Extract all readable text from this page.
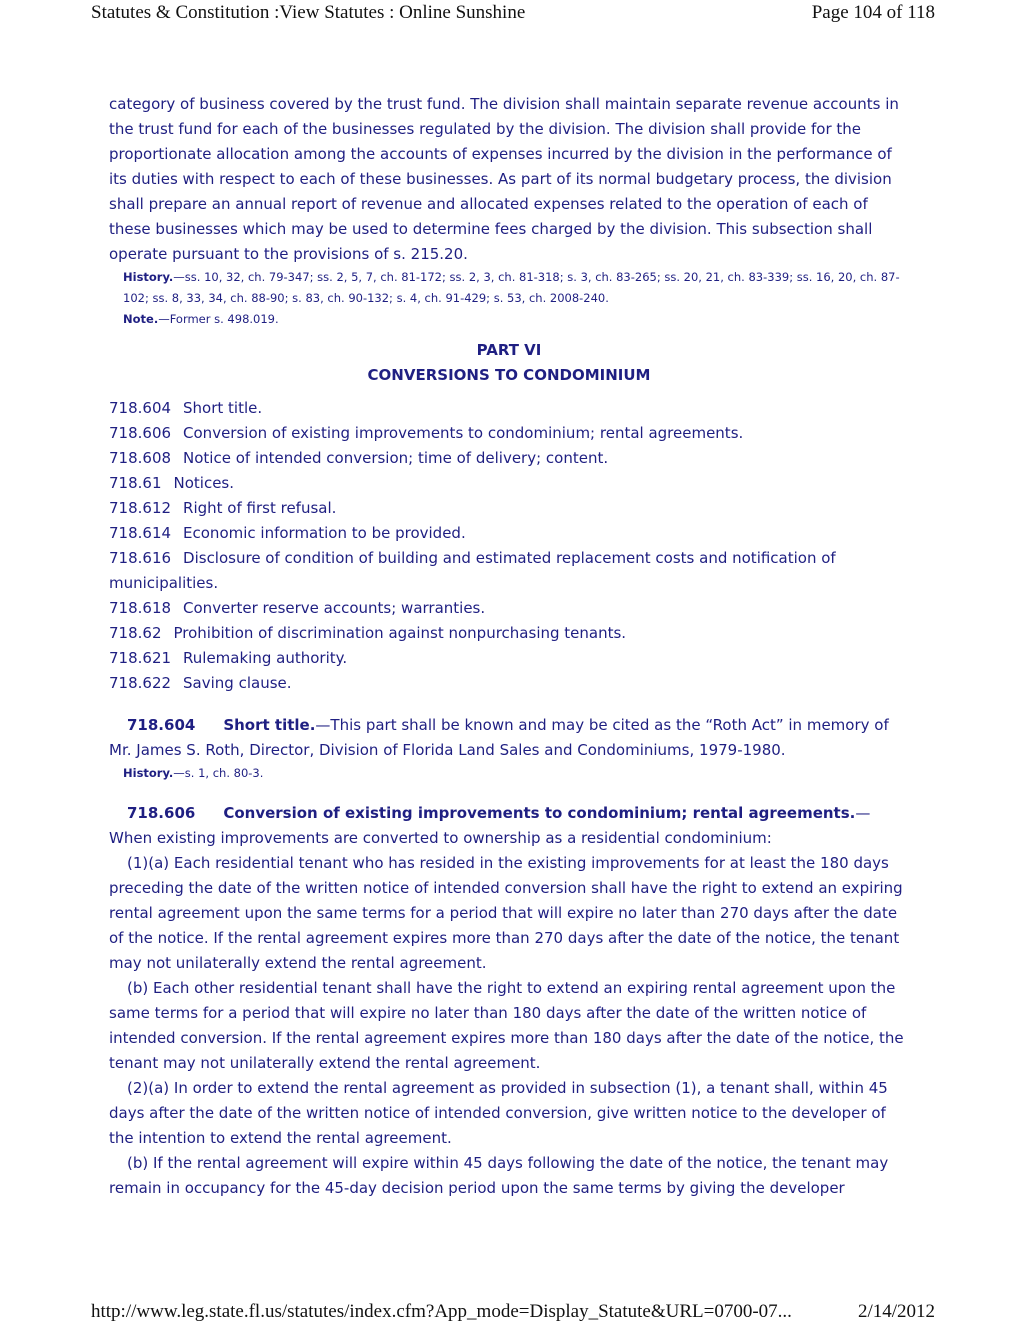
Statutes & Constitution :View Statutes : Online Sunshine	Page 104 of 118

category of business covered by the trust fund. The division shall maintain separate revenue accounts in the trust fund for each of the businesses regulated by the division. The division shall provide for the proportionate allocation among the accounts of expenses incurred by the division in the performance of its duties with respect to each of these businesses. As part of its normal budgetary process, the division shall prepare an annual report of revenue and allocated expenses related to the operation of each of these businesses which may be used to determine fees charged by the division. This subsection shall operate pursuant to the provisions of s. 215.20.

History.—ss. 10, 32, ch. 79-347; ss. 2, 5, 7, ch. 81-172; ss. 2, 3, ch. 81-318; s. 3, ch. 83-265; ss. 20, 21, ch. 83-339; ss. 16, 20, ch. 87-102; ss. 8, 33, 34, ch. 88-90; s. 83, ch. 90-132; s. 4, ch. 91-429; s. 53, ch. 2008-240.

Note.—Former s. 498.019.

PART VI
CONVERSIONS TO CONDOMINIUM
718.604 Short title.
718.606 Conversion of existing improvements to condominium; rental agreements.
718.608 Notice of intended conversion; time of delivery; content.
718.61 Notices.
718.612 Right of first refusal.
718.614 Economic information to be provided.
718.616 Disclosure of condition of building and estimated replacement costs and notification of municipalities.
718.618 Converter reserve accounts; warranties.
718.62 Prohibition of discrimination against nonpurchasing tenants.
718.621 Rulemaking authority.
718.622 Saving clause.

718.604 Short title.—This part shall be known and may be cited as the “Roth Act” in memory of Mr. James S. Roth, Director, Division of Florida Land Sales and Condominiums, 1979-1980.

History.—s. 1, ch. 80-3.

718.606 Conversion of existing improvements to condominium; rental agreements.—When existing improvements are converted to ownership as a residential condominium:

(1)(a) Each residential tenant who has resided in the existing improvements for at least the 180 days preceding the date of the written notice of intended conversion shall have the right to extend an expiring rental agreement upon the same terms for a period that will expire no later than 270 days after the date of the notice. If the rental agreement expires more than 270 days after the date of the notice, the tenant may not unilaterally extend the rental agreement.

(b) Each other residential tenant shall have the right to extend an expiring rental agreement upon the same terms for a period that will expire no later than 180 days after the date of the written notice of intended conversion. If the rental agreement expires more than 180 days after the date of the notice, the tenant may not unilaterally extend the rental agreement.

(2)(a) In order to extend the rental agreement as provided in subsection (1), a tenant shall, within 45 days after the date of the written notice of intended conversion, give written notice to the developer of the intention to extend the rental agreement.

(b) If the rental agreement will expire within 45 days following the date of the notice, the tenant may remain in occupancy for the 45-day decision period upon the same terms by giving the developer

http://www.leg.state.fl.us/statutes/index.cfm?App_mode=Display_Statute&URL=0700-07...	2/14/2012
